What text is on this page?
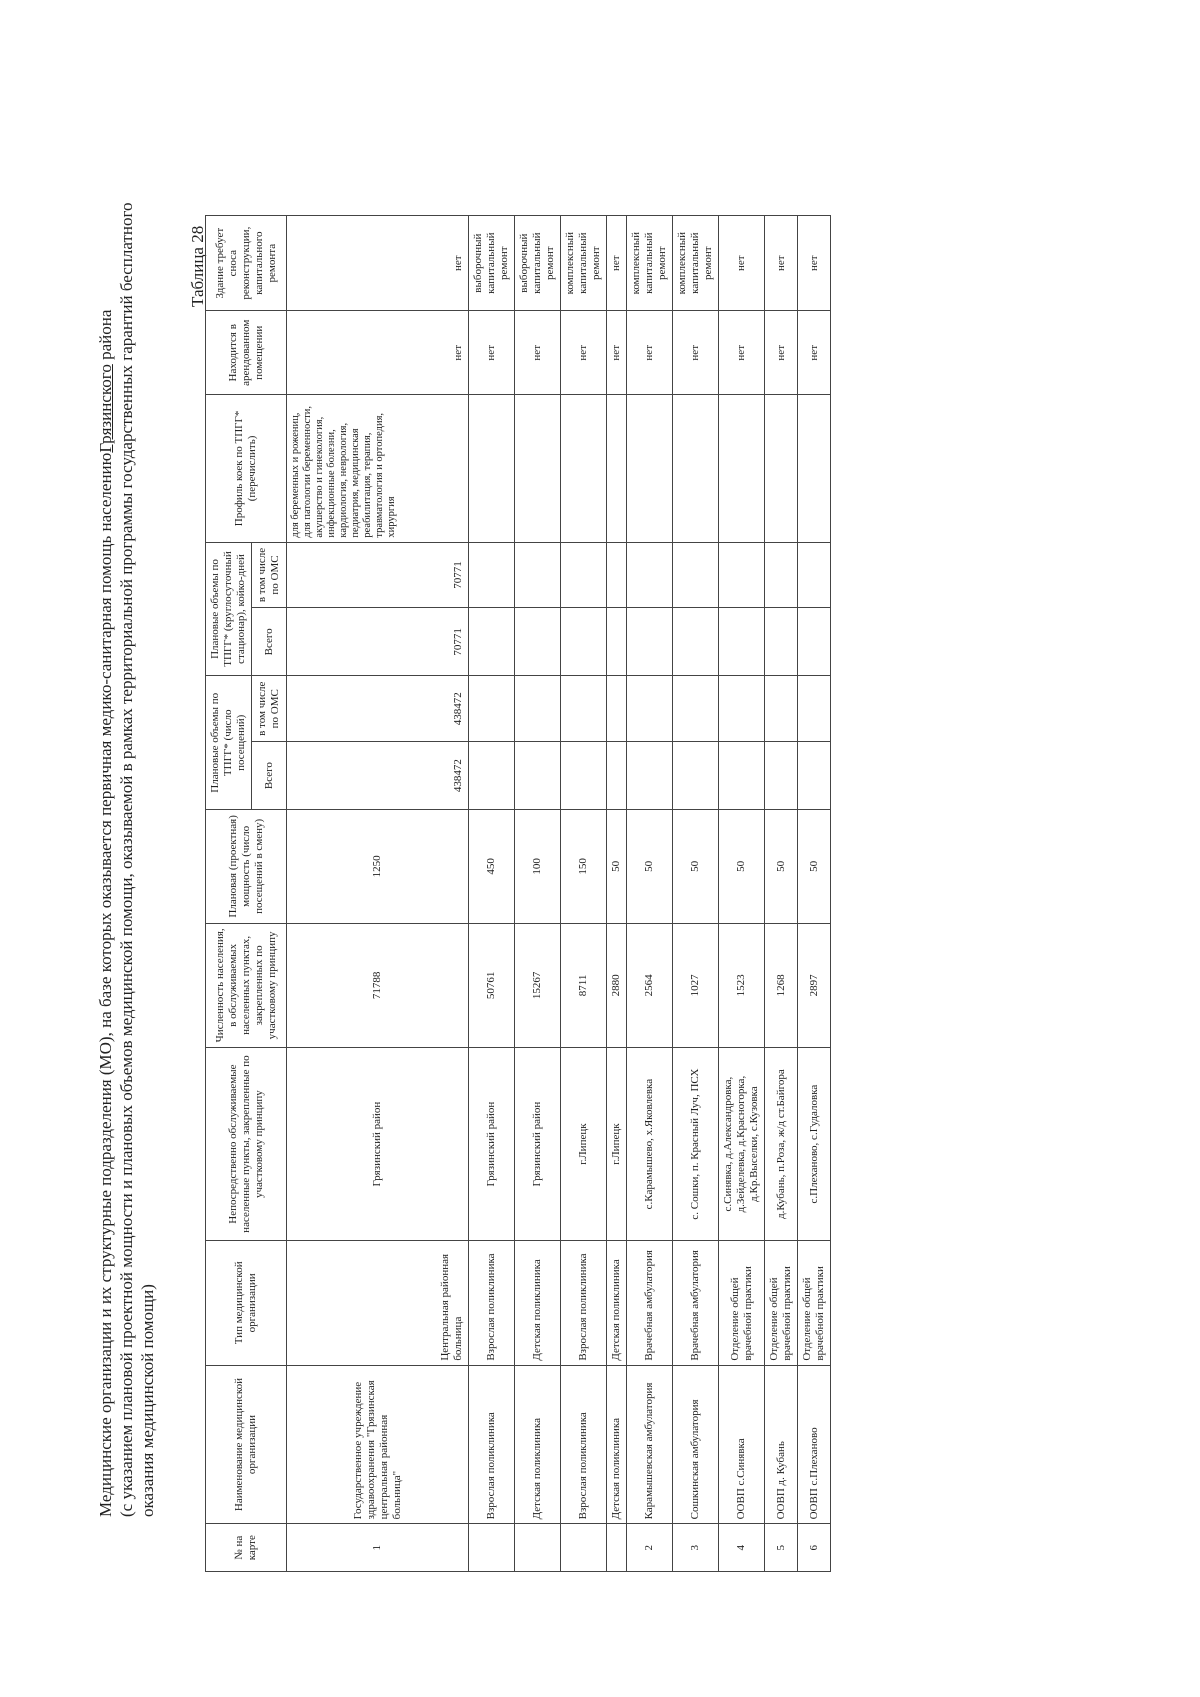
Медицинские организации и их структурные подразделения (МО), на базе которых оказывается первичная медико-санитарная помощь населениюГрязинского района (с указанием плановой проектной мощности и плановых объемов медицинской помощи, оказываемой в рамках территориальной программы государственных гарантий бесплатного оказания медицинской помощи)
Таблица 28
№ на карте	Наименование медицинской организации	Тип медицинской организации	Непосредственно обслуживаемые населенные пункты, закрепленные по участковому принципу	Численность населения, в обслуживаемых населенных пунктах, закрепленных по участковому принципу	Плановая (проектная) мощность (число посещений в смену)	Плановые объемы по ТПГГ* (число посещений)		Плановые объемы по ТПГГ* (круглосуточный стационар), койко-дней		Профиль коек по ТПГГ* (перечислить)	Находится в арендованном помещении	Здание требует сноса реконструкции, капитального ремонта
						Всего	в том числе по ОМС	Всего	в том числе по ОМС			
1	Государственное учреждение здравоохранения "Грязинская центральная районная больница"	Центральная районная больница	Грязинский район	71788	1250	438472	438472	70771	70771	для беременных и рожениц, для патологии беременности, акушерство и гинекология, инфекционные болезни, кардиология, неврология, педиатрия, медицинская реабилитация, терапия, травматология и ортопедия, хирургия	нет	нет
	Взрослая поликлиника	Взрослая поликлиника	Грязинский район	50761	450						нет	выборочный капитальный ремонт
	Детская поликлиника	Детская поликлиника	Грязинский район	15267	100						нет	выборочный капитальный ремонт
	Взрослая поликлиника	Взрослая поликлиника	г.Липецк	8711	150						нет	комплексный капитальный ремонт
	Детская поликлиника	Детская поликлиника	г.Липецк	2880	50						нет	нет
2	Карамышевская амбулатория	Врачебная амбулатория	с.Карамышево, х.Яковлевка	2564	50						нет	комплексный капитальный ремонт
3	Сошкинская амбулатория	Врачебная амбулатория	с. Сошки, п. Красный Луч, ПСХ	1027	50						нет	комплексный капитальный ремонт
4	ООВП с.Синявка	Отделение общей врачебной практики	с.Синявка, д.Александровка, д.Зейделевка, д.Красногорка, д.Кр.Выселки, с.Кузовка	1523	50						нет	нет
5	ООВП д. Кубань	Отделение общей врачебной практики	д.Кубань, п.Роза, ж/д ст.Байгора	1268	50						нет	нет
6	ООВП с.Плеханово	Отделение общей врачебной практики	с.Плеханово, с.Гудаловка	2897	50						нет	нет
